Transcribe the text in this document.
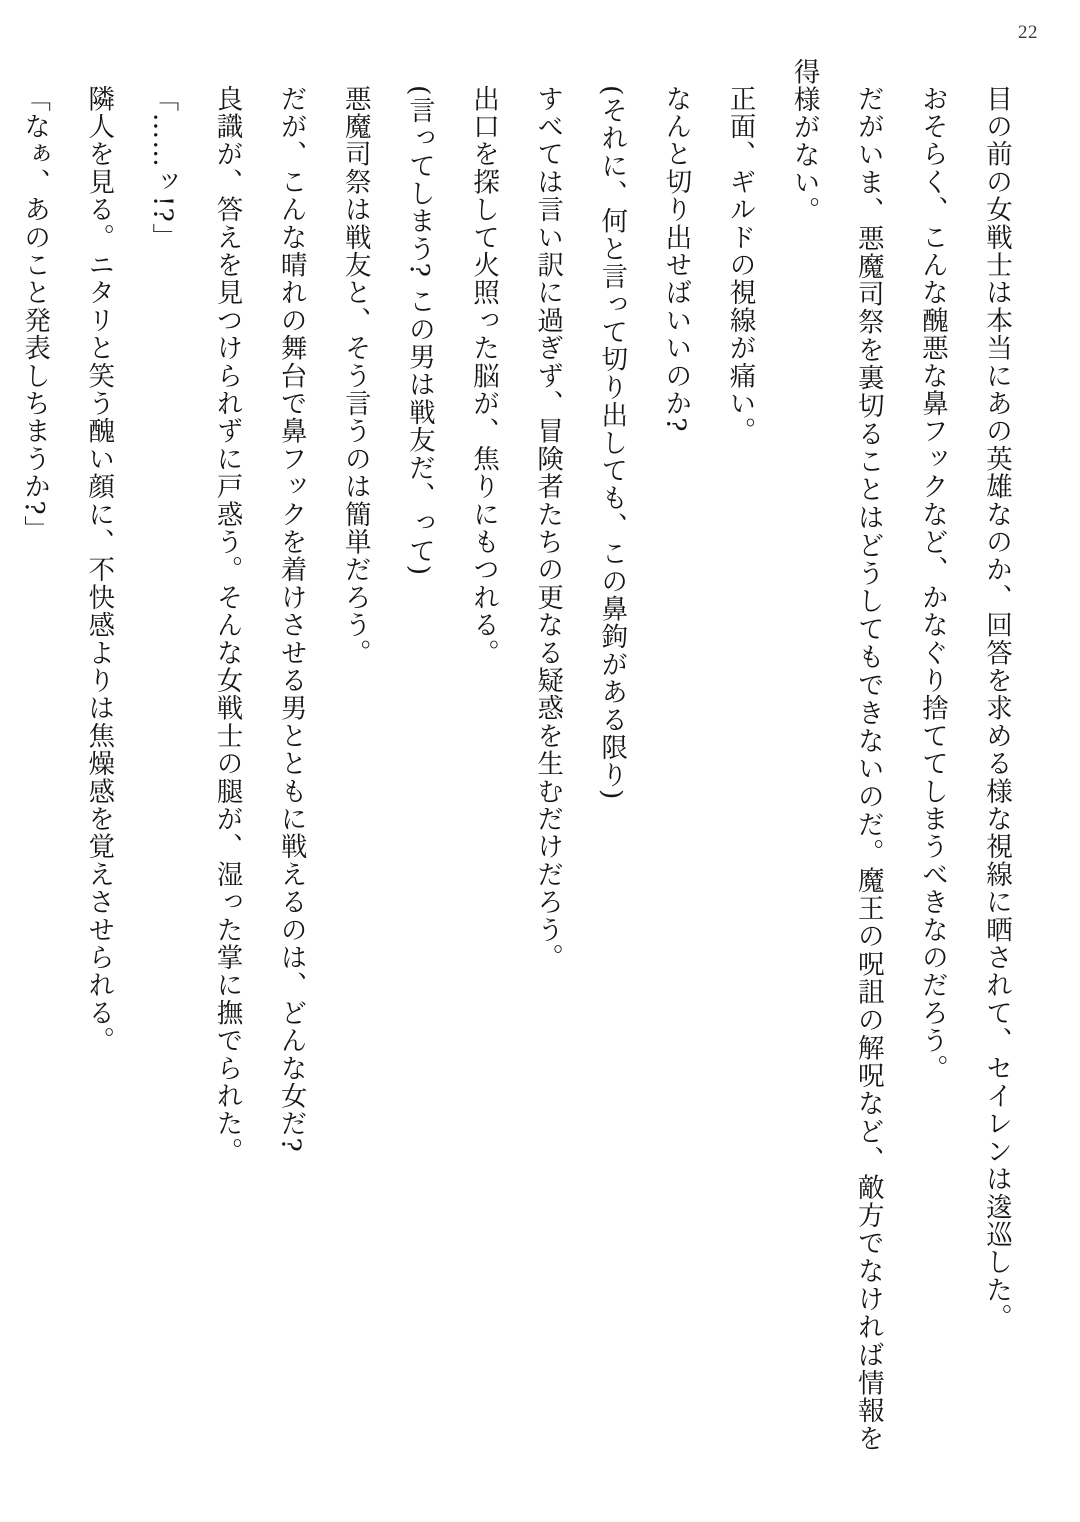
22

目の前の女戦士は本当にあの英雄なのか、回答を求める様な視線に晒されて、セイレンは逡巡した。

おそらく、こんな醜悪な鼻フックなど、かなぐり捨ててしまうべきなのだろう。

だがいま、悪魔司祭を裏切ることはどうしてもできないのだ。魔王の呪詛の解呪など、敵方でなければ情報を得様がない。

正面、ギルドの視線が痛い。

なんと切り出せばいいのか?

(それに、何と言って切り出しても、この鼻鉤がある限り)

すべては言い訳に過ぎず、冒険者たちの更なる疑惑を生むだけだろう。

出口を探して火照った脳が、焦りにもつれる。

(言ってしまう? この男は戦友だ、って)

悪魔司祭は戦友と、そう言うのは簡単だろう。

だが、こんな晴れの舞台で鼻フックを着けさせる男とともに戦えるのは、どんな女だ?

良識が、答えを見つけられずに戸惑う。そんな女戦士の腿が、湿った掌に撫でられた。

「……ッ!?」

隣人を見る。ニタリと笑う醜い顔に、不快感よりは焦燥感を覚えさせられる。

「なぁ、あのこと発表しちまうか?」
